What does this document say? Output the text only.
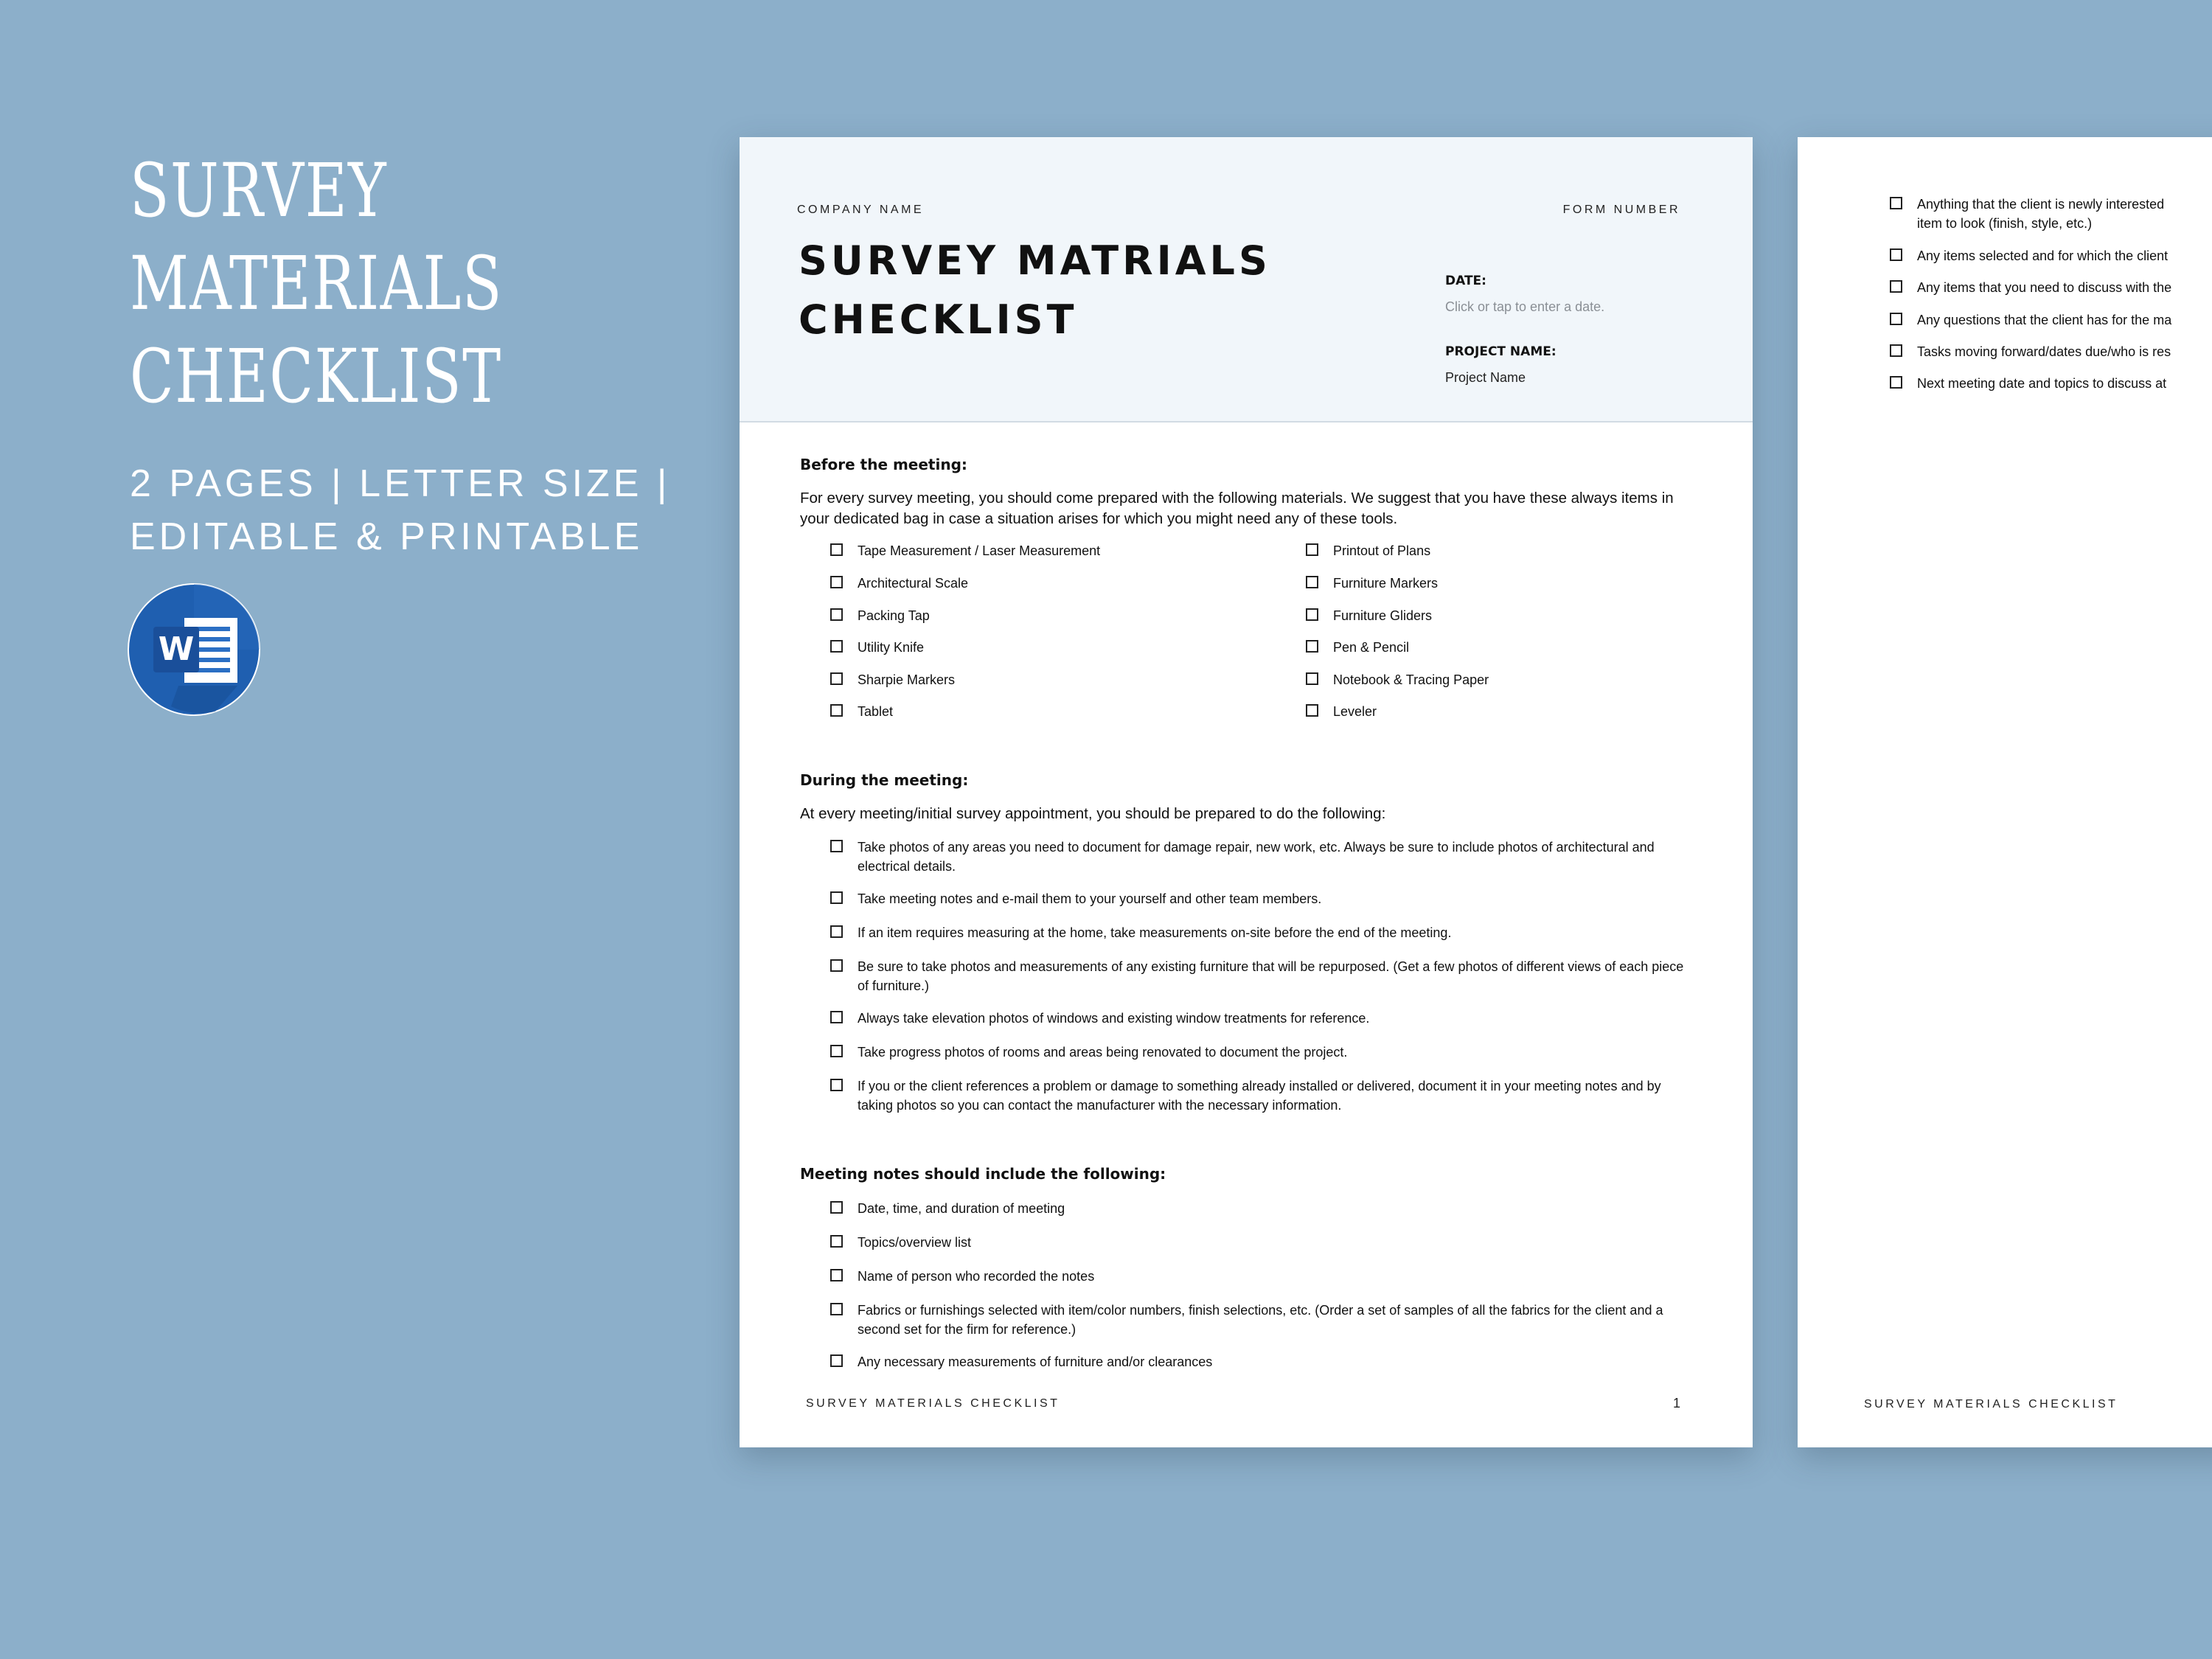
SURVEY
MATERIALS
CHECKLIST
2 PAGES | LETTER SIZE |
EDITABLE & PRINTABLE
W
COMPANY NAME	FORM NUMBER
SURVEY MATRIALS
CHECKLIST
DATE:
Click or tap to enter a date.
PROJECT NAME:
Project Name
Before the meeting:
For every survey meeting, you should come prepared with the following materials. We suggest that you have these always items in your dedicated bag in case a situation arises for which you might need any of these tools.
Tape Measurement / Laser Measurement
Architectural Scale
Packing Tap
Utility Knife
Sharpie Markers
Tablet
Printout of Plans
Furniture Markers
Furniture Gliders
Pen & Pencil
Notebook & Tracing Paper
Leveler
During the meeting:
At every meeting/initial survey appointment, you should be prepared to do the following:
Take photos of any areas you need to document for damage repair, new work, etc. Always be sure to include photos of architectural and electrical details.
Take meeting notes and e-mail them to your yourself and other team members.
If an item requires measuring at the home, take measurements on-site before the end of the meeting.
Be sure to take photos and measurements of any existing furniture that will be repurposed. (Get a few photos of different views of each piece of furniture.)
Always take elevation photos of windows and existing window treatments for reference.
Take progress photos of rooms and areas being renovated to document the project.
If you or the client references a problem or damage to something already installed or delivered, document it in your meeting notes and by taking photos so you can contact the manufacturer with the necessary information.
Meeting notes should include the following:
Date, time, and duration of meeting
Topics/overview list
Name of person who recorded the notes
Fabrics or furnishings selected with item/color numbers, finish selections, etc. (Order a set of samples of all the fabrics for the client and a second set for the firm for reference.)
Any necessary measurements of furniture and/or clearances
SURVEY MATERIALS CHECKLIST	1
Anything that the client is newly interested
item to look (finish, style, etc.)
Any items selected and for which the client
Any items that you need to discuss with the
Any questions that the client has for the ma
Tasks moving forward/dates due/who is res
Next meeting date and topics to discuss at
SURVEY MATERIALS CHECKLIST
